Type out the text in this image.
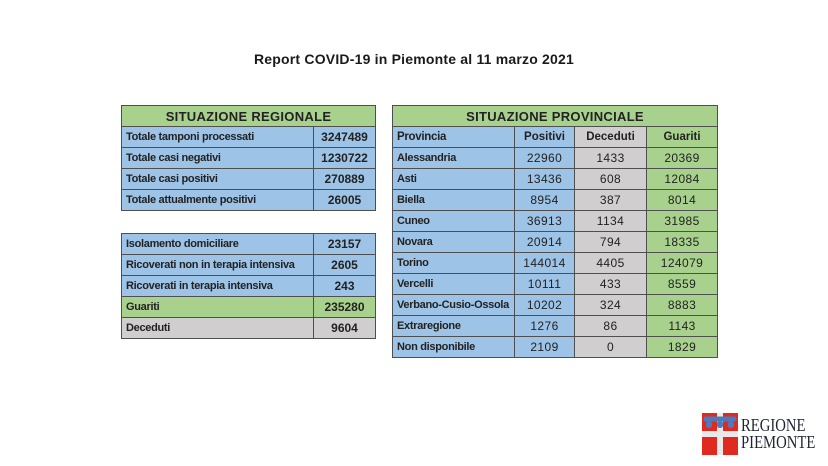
Report COVID-19 in Piemonte al 11 marzo 2021
SITUAZIONE REGIONALE	
Totale tamponi processati	3247489
Totale casi negativi	1230722
Totale casi positivi	270889
Totale attualmente positivi	26005
Isolamento domiciliare	23157
Ricoverati non in terapia intensiva	2605
Ricoverati in terapia intensiva	243
Guariti	235280
Deceduti	9604
SITUAZIONE PROVINCIALE			
Provincia	Positivi	Deceduti	Guariti
Alessandria	22960	1433	20369
Asti	13436	608	12084
Biella	8954	387	8014
Cuneo	36913	1134	31985
Novara	20914	794	18335
Torino	144014	4405	124079
Vercelli	10111	433	8559
Verbano-Cusio-Ossola	10202	324	8883
Extraregione	1276	86	1143
Non disponibile	2109	0	1829
REGIONE
PIEMONTE
